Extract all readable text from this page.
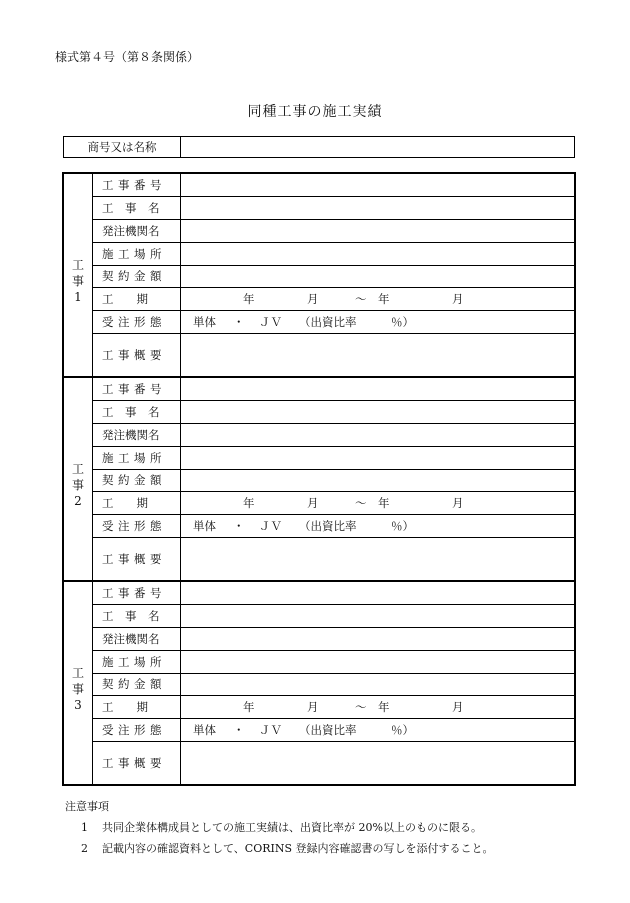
様式第４号（第８条関係）
同種工事の施工実績
商号又は名称
工
事
1
工事番号
工　事　名
発注機関名
施工場所
契約金額
工　　期	年	月	～ 年	月
受注形態	単体 ・ ＪＶ （出資比率	％）
工事概要
工
事
2
工事番号
工　事　名
発注機関名
施工場所
契約金額
工　　期	年	月	～ 年	月
受注形態	単体 ・ ＪＶ （出資比率	％）
工事概要
工
事
3
工事番号
工　事　名
発注機関名
施工場所
契約金額
工　　期	年	月	～ 年	月
受注形態	単体 ・ ＪＶ （出資比率	％）
工事概要
注意事項
1 共同企業体構成員としての施工実績は、出資比率が 20%以上のものに限る。
2 記載内容の確認資料として、CORINS 登録内容確認書の写しを添付すること。
